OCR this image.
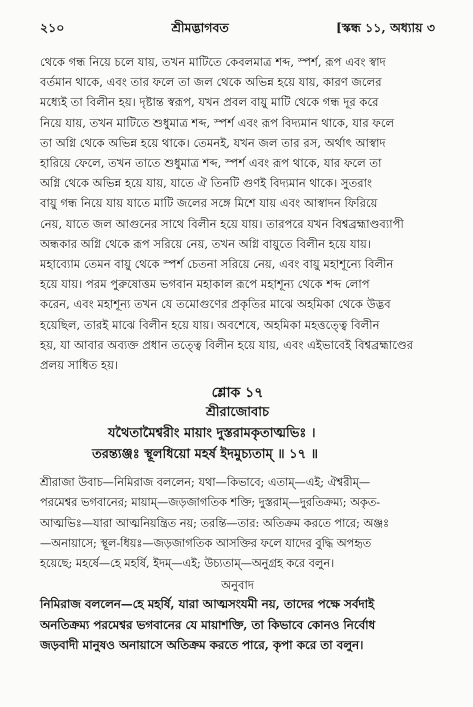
২১০	শ্রীমদ্ভাগবত	[স্কন্ধ ১১, অধ্যায় ৩
থেকে গন্ধ নিয়ে চলে যায়, তখন মাটিতে কেবলমাত্র শব্দ, স্পর্শ, রূপ এবং স্বাদ
বর্তমান থাকে, এবং তার ফলে তা জল থেকে অভিন্ন হয়ে যায়, কারণ জলের
মধ্যেই তা বিলীন হয়। দৃষ্টান্ত স্বরূপ, যখন প্রবল বায়ু মাটি থেকে গন্ধ দূর করে
নিয়ে যায়, তখন মাটিতে শুধুমাত্র শব্দ, স্পর্শ এবং রূপ বিদ্যমান থাকে, যার ফলে
তা অগ্নি থেকে অভিন্ন হয়ে থাকে। তেমনই, যখন জল তার রস, অর্থাৎ আস্বাদ
হারিয়ে ফেলে, তখন তাতে শুধুমাত্র শব্দ, স্পর্শ এবং রূপ থাকে, যার ফলে তা
অগ্নি থেকে অভিন্ন হয়ে যায়, যাতে ঐ তিনটি গুণই বিদ্যমান থাকে। সুতরাং
বায়ু গন্ধ নিয়ে যায় যাতে মাটি জলের সঙ্গে মিশে যায় এবং আস্বাদন ফিরিয়ে
নেয়, যাতে জল আগুনের সাথে বিলীন হয়ে যায়। তারপরে যখন বিশ্বব্রহ্মাণ্ডব্যাপী
অন্ধকার অগ্নি থেকে রূপ সরিয়ে নেয়, তখন অগ্নি বায়ুতে বিলীন হয়ে যায়।
মহাব্যোম তেমন বায়ু থেকে স্পর্শ চেতনা সরিয়ে নেয়, এবং বায়ু মহাশূন্যে বিলীন
হয়ে যায়। পরম পুরুষোত্তম ভগবান মহাকাল রূপে মহাশূন্য থেকে শব্দ লোপ
করেন, এবং মহাশূন্য তখন যে তমোগুণের প্রকৃতির মাঝে অহমিকা থেকে উদ্ভব
হয়েছিল, তারই মাঝে বিলীন হয়ে যায়। অবশেষে, অহমিকা মহত্তত্ত্বে বিলীন
হয়, যা আবার অব্যক্ত প্রধান তত্ত্বে বিলীন হয়ে যায়, এবং এইভাবেই বিশ্বব্রহ্মাণ্ডের
প্রলয় সাধিত হয়।
শ্লোক ১৭
শ্রীরাজোবাচ
যথৈতামৈশ্বরীং মায়াং দুস্তরামকৃতাত্মভিঃ ।
তরন্ত্যঞ্জঃ স্থূলধিয়ো মহর্ষ ইদমুচ্যতাম্‌ ॥ ১৭ ॥
শ্রীরাজা উবাচ—নিমিরাজ বললেন; যথা—কিভাবে; এতাম্‌—এই; ঐশ্বরীম্‌—
পরমেশ্বর ভগবানের; মায়াম্‌—জড়জাগতিক শক্তি; দুস্তরাম্‌—দুরতিক্রম্য; অকৃত-
আত্মভিঃ—যারা আত্মনিয়ন্ত্রিত নয়; তরন্তি—তার: অতিক্রম করতে পারে; অঞ্জঃ
—অনায়াসে; স্থূল-ধিয়ঃ—জড়জাগতিক আসক্তির ফলে যাদের বুদ্ধি অপহৃত
হয়েছে; মহর্ষে—হে মহর্ষি, ইদম্‌—এই; উচ্যতাম্‌—অনুগ্রহ করে বলুন।
অনুবাদ
নিমিরাজ বললেন—হে মহর্ষি, যারা আত্মসংযমী নয়, তাদের পক্ষে সর্বদাই
অনতিক্রম্য পরমেশ্বর ভগবানের যে মায়াশক্তি, তা কিভাবে কোনও নির্বোধ
জড়বাদী মানুষও অনায়াসে অতিক্রম করতে পারে, কৃপা করে তা বলুন।
